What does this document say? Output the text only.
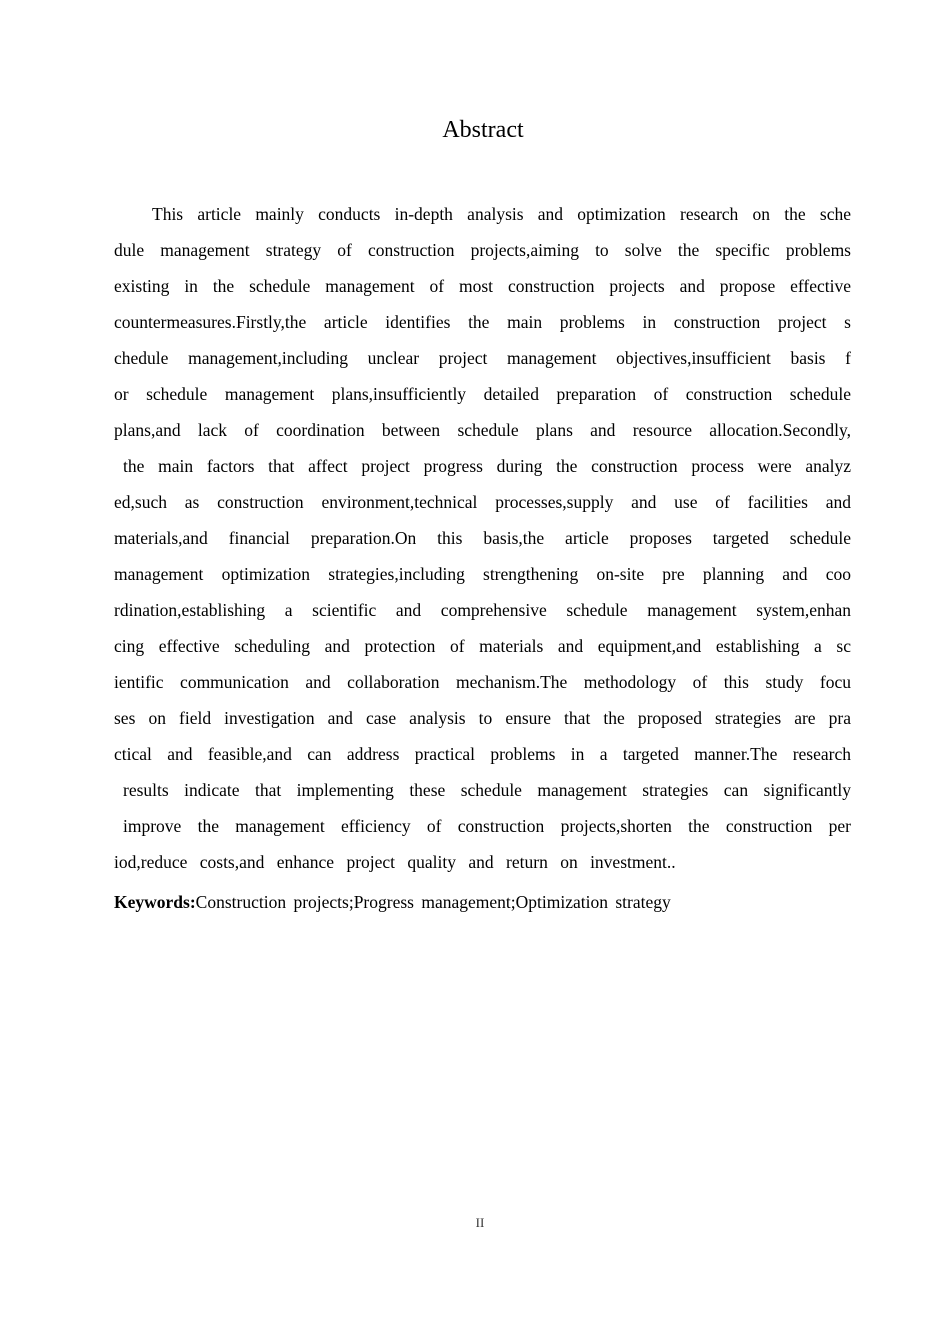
Abstract
This article mainly conducts in-depth analysis and optimization research on the sche
dule management strategy of construction projects,aiming to solve the specific problems
existing in the schedule management of most construction projects and propose effective
countermeasures.Firstly,the article identifies the main problems in construction project s
chedule management,including unclear project management objectives,insufficient basis f
or schedule management plans,insufficiently detailed preparation of construction schedule
plans,and lack of coordination between schedule plans and resource allocation.Secondly,
the main factors that affect project progress during the construction process were analyz
ed,such as construction environment,technical processes,supply and use of facilities and
materials,and financial preparation.On this basis,the article proposes targeted schedule
management optimization strategies,including strengthening on-site pre planning and coo
rdination,establishing a scientific and comprehensive schedule management system,enhan
cing effective scheduling and protection of materials and equipment,and establishing a sc
ientific communication and collaboration mechanism.The methodology of this study focu
ses on field investigation and case analysis to ensure that the proposed strategies are pra
ctical and feasible,and can address practical problems in a targeted manner.The research
results indicate that implementing these schedule management strategies can significantly
improve the management efficiency of construction projects,shorten the construction per
iod,reduce costs,and enhance project quality and return on investment..

Keywords:Construction projects;Progress management;Optimization strategy

II
